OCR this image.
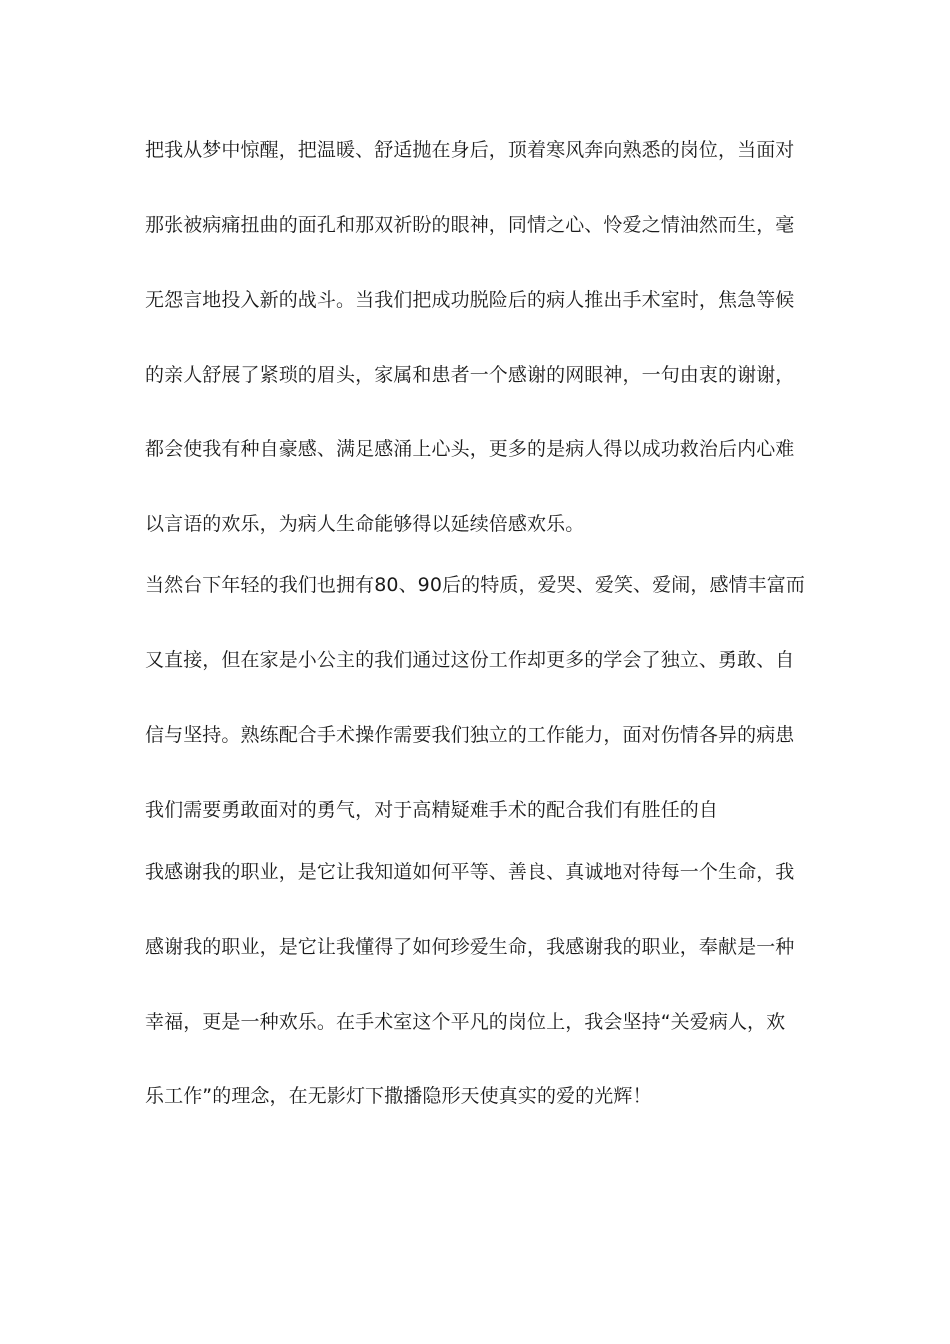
把我从梦中惊醒，把温暖、舒适抛在身后，顶着寒风奔向熟悉的岗位，当面对
那张被病痛扭曲的面孔和那双祈盼的眼神，同情之心、怜爱之情油然而生，毫
无怨言地投入新的战斗。当我们把成功脱险后的病人推出手术室时，焦急等候
的亲人舒展了紧琐的眉头，家属和患者一个感谢的网眼神，一句由衷的谢谢，
都会使我有种自豪感、满足感涌上心头，更多的是病人得以成功救治后内心难
以言语的欢乐，为病人生命能够得以延续倍感欢乐。
当然台下年轻的我们也拥有80、90后的特质，爱哭、爱笑、爱闹，感情丰富而
又直接，但在家是小公主的我们通过这份工作却更多的学会了独立、勇敢、自
信与坚持。熟练配合手术操作需要我们独立的工作能力，面对伤情各异的病患
我们需要勇敢面对的勇气，对于高精疑难手术的配合我们有胜任的自
我感谢我的职业，是它让我知道如何平等、善良、真诚地对待每一个生命，我
感谢我的职业，是它让我懂得了如何珍爱生命，我感谢我的职业，奉献是一种
幸福，更是一种欢乐。在手术室这个平凡的岗位上，我会坚持“关爱病人，欢
乐工作”的理念，在无影灯下撒播隐形天使真实的爱的光辉！
